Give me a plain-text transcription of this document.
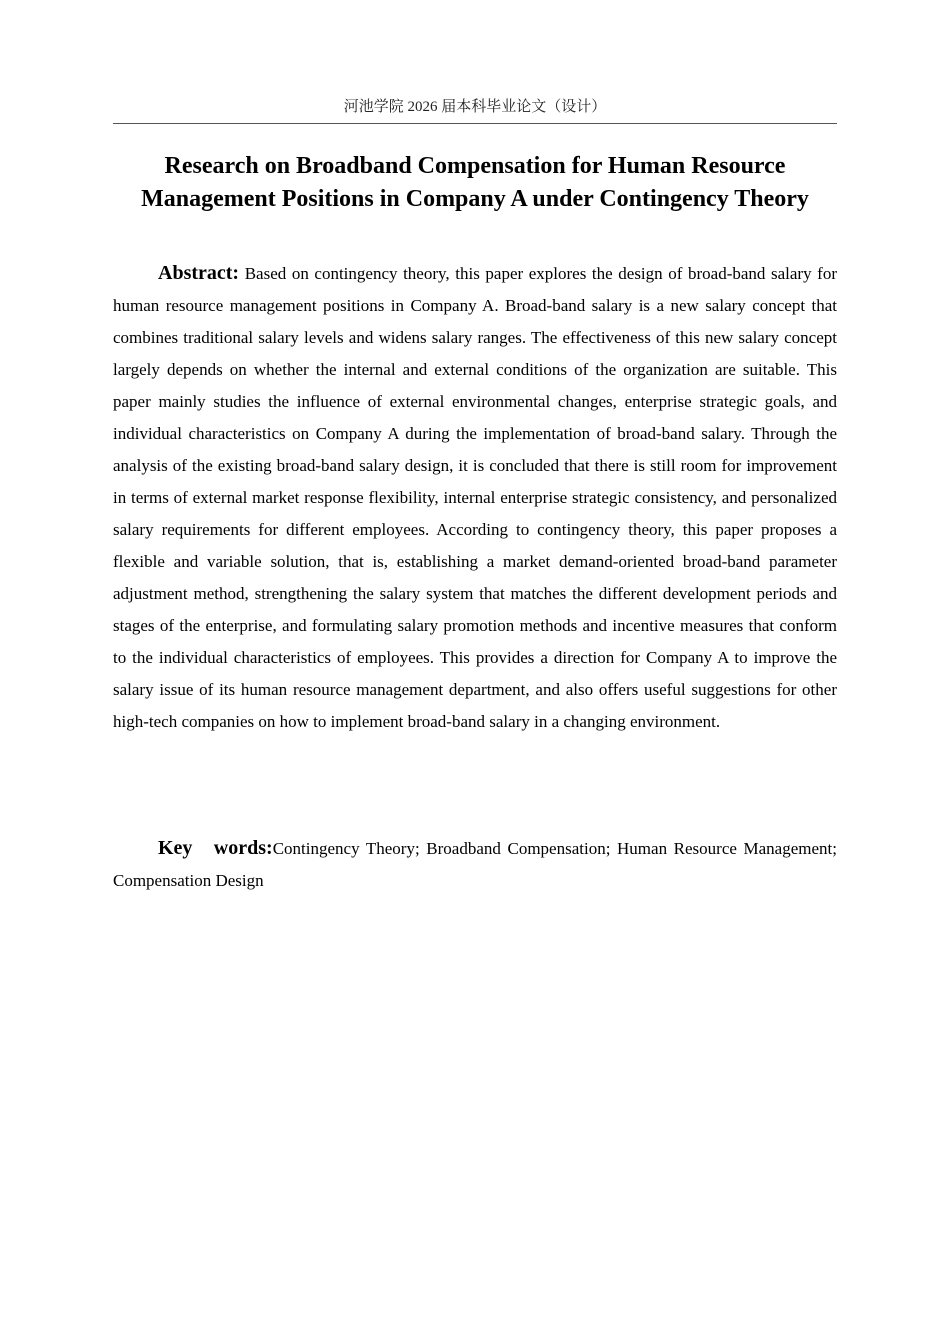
河池学院 2026 届本科毕业论文（设计）
Research on Broadband Compensation for Human Resource
Management Positions in Company A under Contingency Theory

Abstract: Based on contingency theory, this paper explores the design of broad-band salary for human resource management positions in Company A. Broad-band salary is a new salary concept that combines traditional salary levels and widens salary ranges. The effectiveness of this new salary concept largely depends on whether the internal and external conditions of the organization are suitable. This paper mainly studies the influence of external environmental changes, enterprise strategic goals, and individual characteristics on Company A during the implementation of broad-band salary. Through the analysis of the existing broad-band salary design, it is concluded that there is still room for improvement in terms of external market response flexibility, internal enterprise strategic consistency, and personalized salary requirements for different employees. According to contingency theory, this paper proposes a flexible and variable solution, that is, establishing a market demand-oriented broad-band parameter adjustment method, strengthening the salary system that matches the different development periods and stages of the enterprise, and formulating salary promotion methods and incentive measures that conform to the individual characteristics of employees. This provides a direction for Company A to improve the salary issue of its human resource management department, and also offers useful suggestions for other high-tech companies on how to implement broad-band salary in a changing environment.

Key words:Contingency Theory; Broadband Compensation; Human Resource Management; Compensation Design
